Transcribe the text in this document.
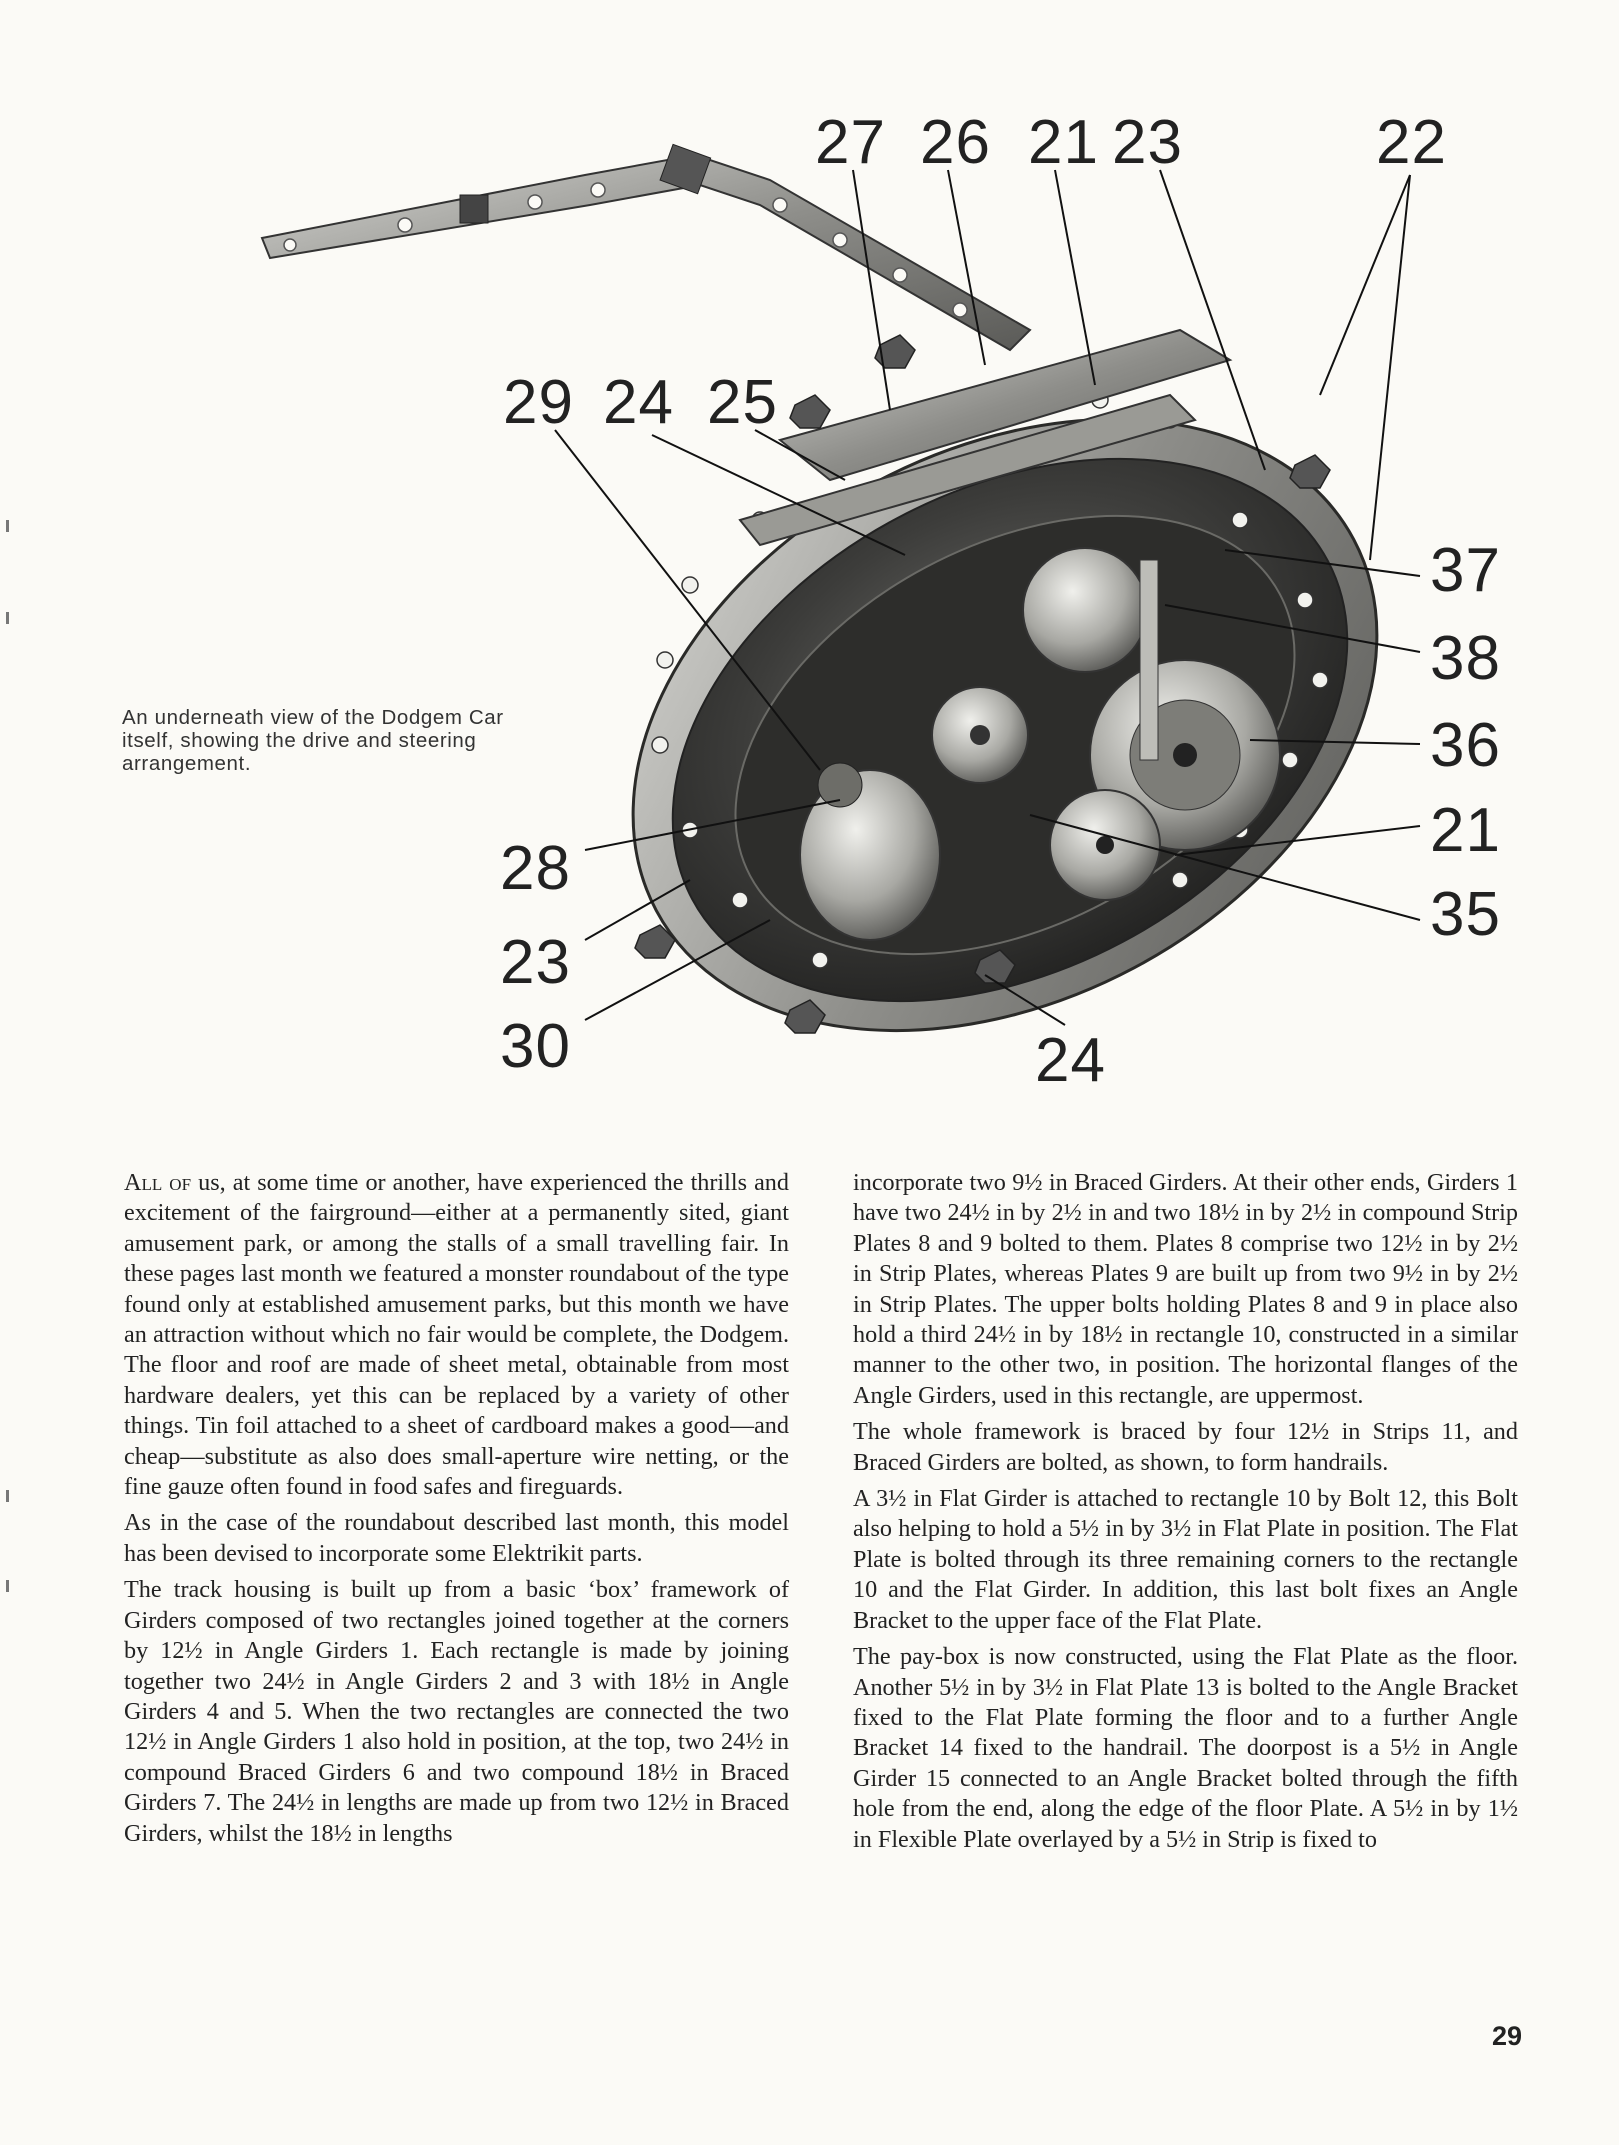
27 26 21 23	22
29 24 25
37
38
36
21
35
28
23
30	24
An underneath view of the Dodgem Car itself, showing the drive and steering arrangement.

All of us, at some time or another, have experienced the thrills and excitement of the fairground—either at a permanently sited, giant amusement park, or among the stalls of a small travelling fair. In these pages last month we featured a monster roundabout of the type found only at established amusement parks, but this month we have an attraction without which no fair would be complete, the Dodgem. The floor and roof are made of sheet metal, obtainable from most hardware dealers, yet this can be replaced by a variety of other things. Tin foil attached to a sheet of cardboard makes a good—and cheap—substitute as also does small-aperture wire netting, or the fine gauze often found in food safes and fireguards.

As in the case of the roundabout described last month, this model has been devised to incorporate some Elektrikit parts.

The track housing is built up from a basic ‘box’ framework of Girders composed of two rectangles joined together at the corners by 12½ in Angle Girders 1. Each rectangle is made by joining together two 24½ in Angle Girders 2 and 3 with 18½ in Angle Girders 4 and 5. When the two rectangles are connected the two 12½ in Angle Girders 1 also hold in position, at the top, two 24½ in compound Braced Girders 6 and two compound 18½ in Braced Girders 7. The 24½ in lengths are made up from two 12½ in Braced Girders, whilst the 18½ in lengths

incorporate two 9½ in Braced Girders. At their other ends, Girders 1 have two 24½ in by 2½ in and two 18½ in by 2½ in compound Strip Plates 8 and 9 bolted to them. Plates 8 comprise two 12½ in by 2½ in Strip Plates, whereas Plates 9 are built up from two 9½ in by 2½ in Strip Plates. The upper bolts holding Plates 8 and 9 in place also hold a third 24½ in by 18½ in rectangle 10, constructed in a similar manner to the other two, in position. The horizontal flanges of the Angle Girders, used in this rectangle, are uppermost.

The whole framework is braced by four 12½ in Strips 11, and Braced Girders are bolted, as shown, to form handrails.

A 3½ in Flat Girder is attached to rectangle 10 by Bolt 12, this Bolt also helping to hold a 5½ in by 3½ in Flat Plate in position. The Flat Plate is bolted through its three remaining corners to the rectangle 10 and the Flat Girder. In addition, this last bolt fixes an Angle Bracket to the upper face of the Flat Plate.

The pay-box is now constructed, using the Flat Plate as the floor. Another 5½ in by 3½ in Flat Plate 13 is bolted to the Angle Bracket fixed to the Flat Plate forming the floor and to a further Angle Bracket 14 fixed to the handrail. The doorpost is a 5½ in Angle Girder 15 connected to an Angle Bracket bolted through the fifth hole from the end, along the edge of the floor Plate. A 5½ in by 1½ in Flexible Plate overlayed by a 5½ in Strip is fixed to

29
